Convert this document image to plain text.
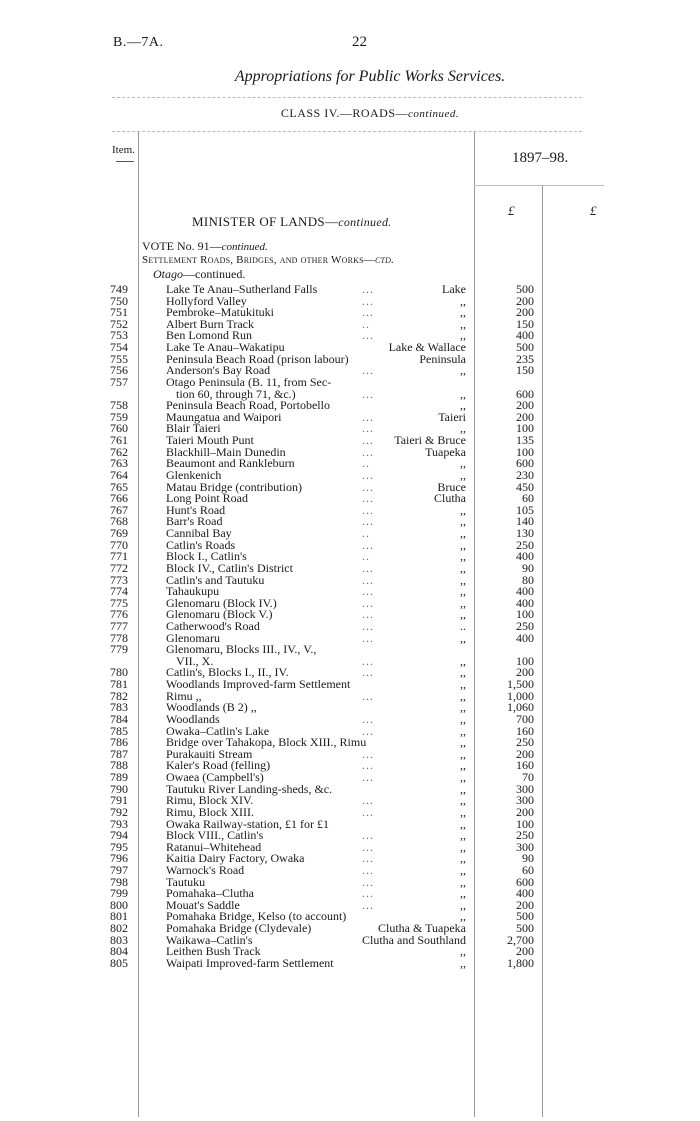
B.—7A.	22
Appropriations for Public Works Services.
CLASS IV.—ROADS—continued.
Item.	1897–98.
£	£
MINISTER OF LANDS—continued.
VOTE No. 91—continued.
Settlement Roads, Bridges, and other Works—ctd.
Otago—continued.
749	Lake Te Anau–Sutherland Falls	...	Lake	500
750	Hollyford Valley	...	,,	200
751	Pembroke–Matukituki	...	,,	200
752	Albert Burn Track	..	,,	150
753	Ben Lomond Run	...	,,	400
754	Lake Te Anau–Wakatipu	Lake & Wallace	500
755	Peninsula Beach Road (prison labour)	Peninsula	235
756	Anderson's Bay Road	...	,,	150
757	Otago Peninsula (B. 11, from Sec-
tion 60, through 71, &c.)	...	,,	600
758	Peninsula Beach Road, Portobello	,,	200
759	Maungatua and Waipori	...	Taieri	200
760	Blair Taieri	...	,,	100
761	Taieri Mouth Punt	... Taieri & Bruce	135
762	Blackhill–Main Dunedin	...	Tuapeka	100
763	Beaumont and Rankleburn	..	,,	600
764	Glenkenich	...	,,	230
765	Matau Bridge (contribution)	...	Bruce	450
766	Long Point Road	...	Clutha	60
767	Hunt's Road	...	,,	105
768	Barr's Road	...	,,	140
769	Cannibal Bay	..	,,	130
770	Catlin's Roads	...	,,	250
771	Block I., Catlin's	..	,,	400
772	Block IV., Catlin's District	...	,,	90
773	Catlin's and Tautuku	...	,,	80
774	Tahaukupu	...	,,	400
775	Glenomaru (Block IV.)	...	,,	400
776	Glenomaru (Block V.)	...	,,	100
777	Catherwood's Road	...	..	250
778	Glenomaru	...	,,	400
779	Glenomaru, Blocks III., IV., V.,
VII., X.	...	,,	100
780	Catlin's, Blocks I., II., IV.	...	,,	200
781	Woodlands Improved-farm Settlement	,,	1,500
782	Rimu ,,	...	,,	1,000
783	Woodlands (B 2) ,,	,,	1,060
784	Woodlands	...	,,	700
785	Owaka–Catlin's Lake	...	,,	160
786	Bridge over Tahakopa, Block XIII., Rimu	,,	250
787	Purakauiti Stream	...	,,	200
788	Kaler's Road (felling)	...	,,	160
789	Owaea (Campbell's)	...	,,	70
790	Tautuku River Landing-sheds, &c.	,,	300
791	Rimu, Block XIV.	...	,,	300
792	Rimu, Block XIII.	...	,,	200
793	Owaka Railway-station, £1 for £1	,,	100
794	Block VIII., Catlin's	...	,,	250
795	Ratanui–Whitehead	...	,,	300
796	Kaitia Dairy Factory, Owaka	...	,,	90
797	Warnock's Road	...	,,	60
798	Tautuku	...	,,	600
799	Pomahaka–Clutha	...	,,	400
800	Mouat's Saddle	...	,,	200
801	Pomahaka Bridge, Kelso (to account)	,,	500
802	Pomahaka Bridge (Clydevale)	Clutha & Tuapeka	500
803	Waikawa–Catlin's	Clutha and Southland	2,700
804	Leithen Bush Track	,,	200
805	Waipati Improved-farm Settlement	,,	1,800
